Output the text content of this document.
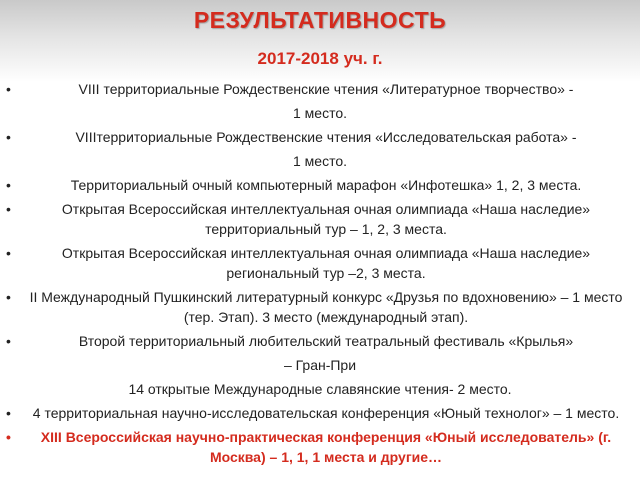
РЕЗУЛЬТАТИВНОСТЬ
2017-2018 уч. г.
•	VIII территориальные Рождественские чтения «Литературное творчество» -
1 место.
•	VIIIтерриториальные Рождественские чтения «Исследовательская работа» -
1 место.
•	Территориальный очный компьютерный марафон «Инфотешка» 1, 2, 3 места.
•	Открытая Всероссийская интеллектуальная очная олимпиада «Наша наследие» территориальный тур – 1, 2, 3 места.
•	Открытая Всероссийская интеллектуальная очная олимпиада «Наша наследие» региональный тур –2, 3 места.
• II Международный Пушкинский литературный конкурс «Друзья по вдохновению» – 1 место (тер. Этап). 3 место (международный этап).
•	Второй территориальный любительский театральный фестиваль «Крылья»
– Гран-При
14 открытые Международные славянские чтения- 2 место.
• 4 территориальная научно-исследовательская конференция «Юный технолог» – 1 место.
• XIII Всероссийская научно-практическая конференция «Юный исследователь» (г. Москва) – 1, 1, 1 места и другие…
